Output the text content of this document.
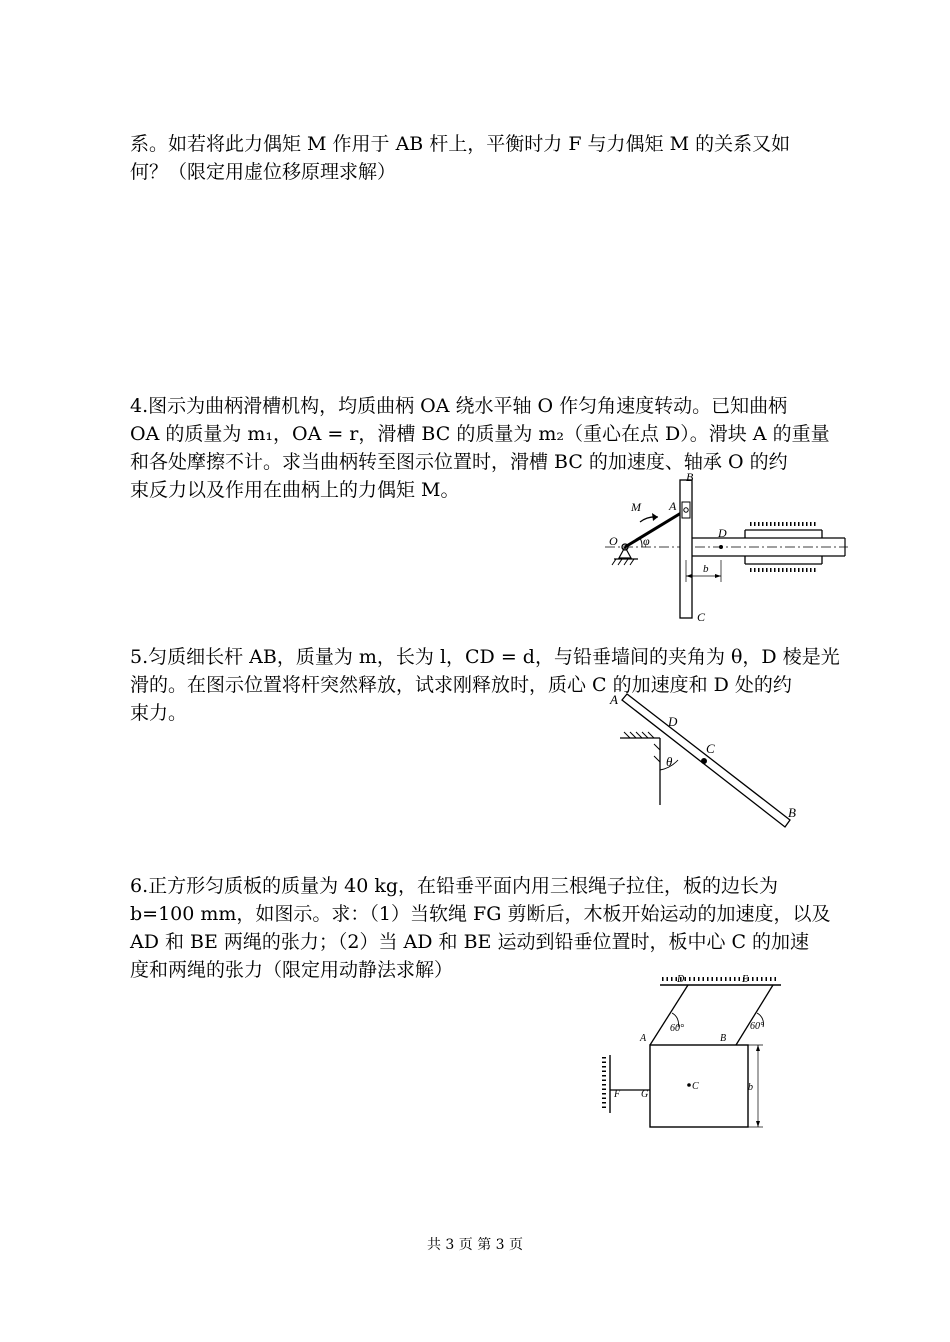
系。如若将此力偶矩 M 作用于 AB 杆上，平衡时力 F 与力偶矩 M 的关系又如
何？（限定用虚位移原理求解）
4.图示为曲柄滑槽机构，均质曲柄 OA 绕水平轴 O 作匀角速度转动。已知曲柄
OA 的质量为 m₁，OA = r，滑槽 BC 的质量为 m₂（重心在点 D）。滑块 A 的重量
和各处摩擦不计。求当曲柄转至图示位置时，滑槽 BC 的加速度、轴承 O 的约
束反力以及作用在曲柄上的力偶矩 M。
B
A
M
O φ
D
b
C
5.匀质细长杆 AB，质量为 m，长为 l，CD = d，与铅垂墙间的夹角为 θ，D 棱是光
滑的。在图示位置将杆突然释放，试求刚释放时，质心 C 的加速度和 D 处的约
束力。
A
D
C
θ
B
6.正方形匀质板的质量为 40 kg，在铅垂平面内用三根绳子拉住，板的边长为
b=100 mm，如图示。求：（1）当软绳 FG 剪断后，木板开始运动的加速度，以及
AD 和 BE 两绳的张力；（2）当 AD 和 BE 运动到铅垂位置时，板中心 C 的加速
度和两绳的张力（限定用动静法求解）	D	E
60°	60°
A	B
F G
C	b
共 3 页 第 3 页
